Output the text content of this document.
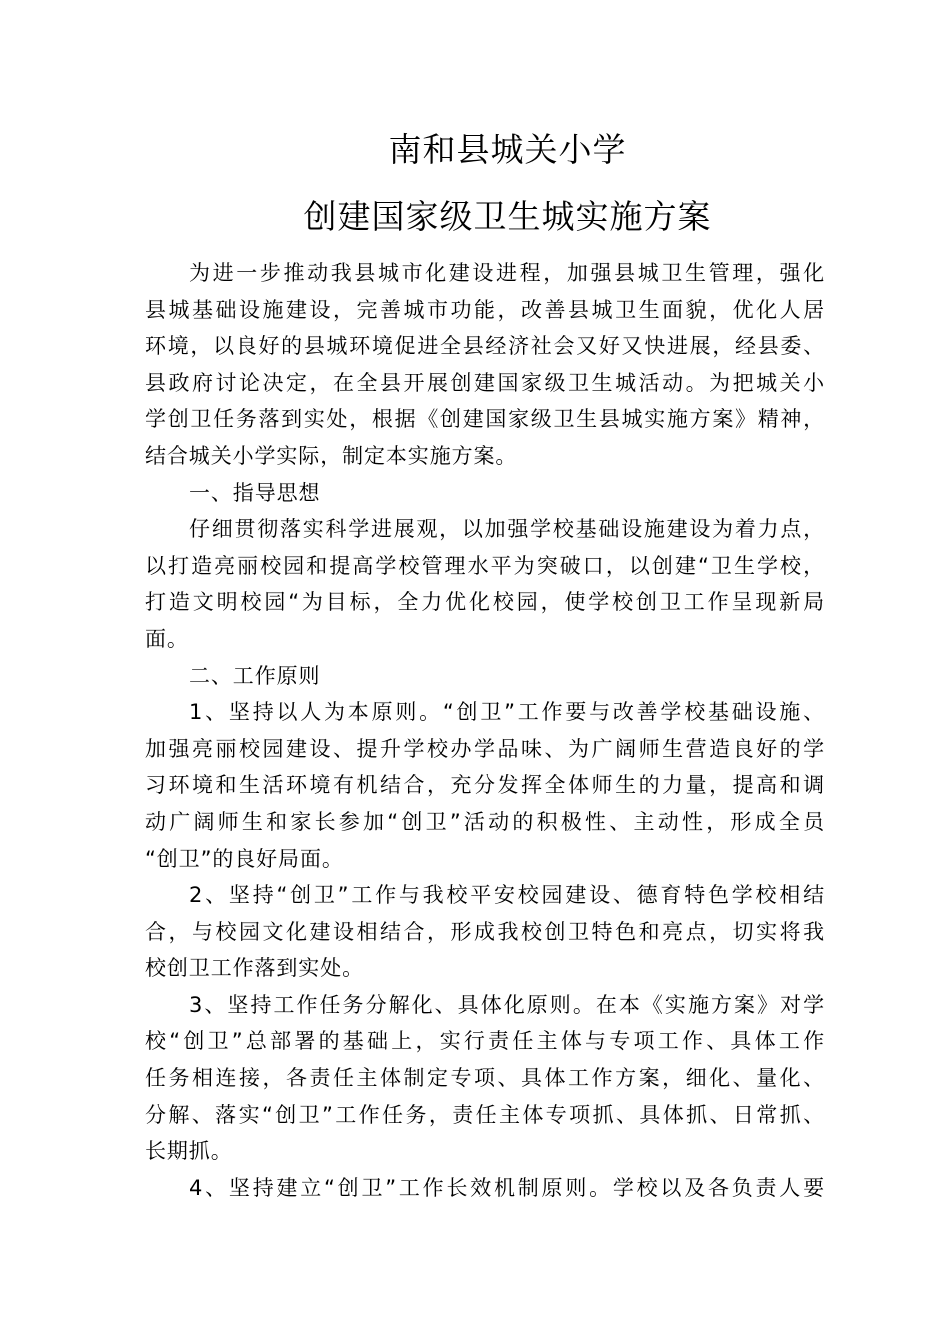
南和县城关小学
创建国家级卫生城实施方案
为进一步推动我县城市化建设进程，加强县城卫生管理，强化
县城基础设施建设，完善城市功能，改善县城卫生面貌，优化人居
环境，以良好的县城环境促进全县经济社会又好又快进展，经县委、
县政府讨论决定，在全县开展创建国家级卫生城活动。为把城关小
学创卫任务落到实处，根据《创建国家级卫生县城实施方案》精神，
结合城关小学实际，制定本实施方案。
一、指导思想
仔细贯彻落实科学进展观，以加强学校基础设施建设为着力点，
以打造亮丽校园和提高学校管理水平为突破口，以创建“卫生学校，
打造文明校园“为目标，全力优化校园，使学校创卫工作呈现新局
面。
二、工作原则
1、坚持以人为本原则。“创卫”工作要与改善学校基础设施、
加强亮丽校园建设、提升学校办学品味、为广阔师生营造良好的学
习环境和生活环境有机结合，充分发挥全体师生的力量，提高和调
动广阔师生和家长参加“创卫”活动的积极性、主动性，形成全员
“创卫”的良好局面。
2、坚持“创卫”工作与我校平安校园建设、德育特色学校相结
合，与校园文化建设相结合，形成我校创卫特色和亮点，切实将我
校创卫工作落到实处。
3、坚持工作任务分解化、具体化原则。在本《实施方案》对学
校“创卫”总部署的基础上，实行责任主体与专项工作、具体工作
任务相连接，各责任主体制定专项、具体工作方案，细化、量化、
分解、落实“创卫”工作任务，责任主体专项抓、具体抓、日常抓、
长期抓。
4、坚持建立“创卫”工作长效机制原则。学校以及各负责人要
